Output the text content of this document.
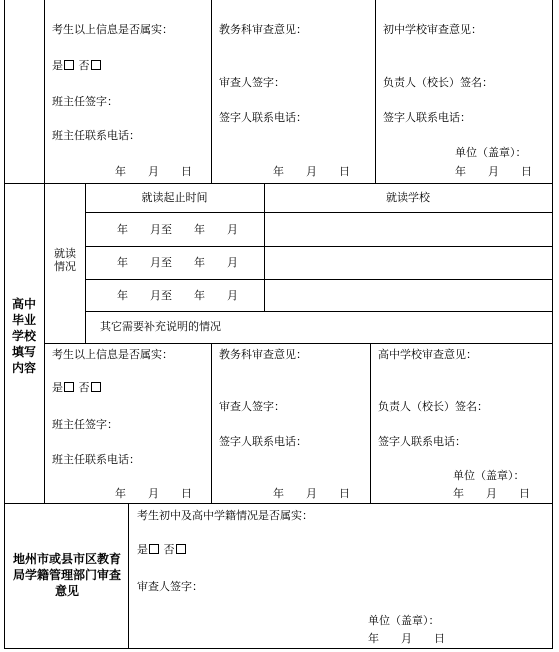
考生以上信息是否属实：
是 否
班主任签字：
班主任联系电话：
年　　月　　日
教务科审查意见：
审查人签字：
签字人联系电话：
年　　月　　日
初中学校审查意见：
负责人（校长）签名：
签字人联系电话：
单位（盖章）：
年　　月　　日
高中毕业学校填写内容
就读情况
就读起止时间	就读学校
年　　月至　　年　　月
年　　月至　　年　　月
年　　月至　　年　　月
其它需要补充说明的情况
考生以上信息是否属实：
是 否
班主任签字：
班主任联系电话：
年　　月　　日
教务科审查意见：
审查人签字：
签字人联系电话：
年　　月　　日
高中学校审查意见：
负责人（校长）签名：
签字人联系电话：
单位（盖章）：
年　　月　　日
地州市或县市区教育局学籍管理部门审查意见
考生初中及高中学籍情况是否属实：
是 否
审查人签字：
单位（盖章）：
年　　月　　日
